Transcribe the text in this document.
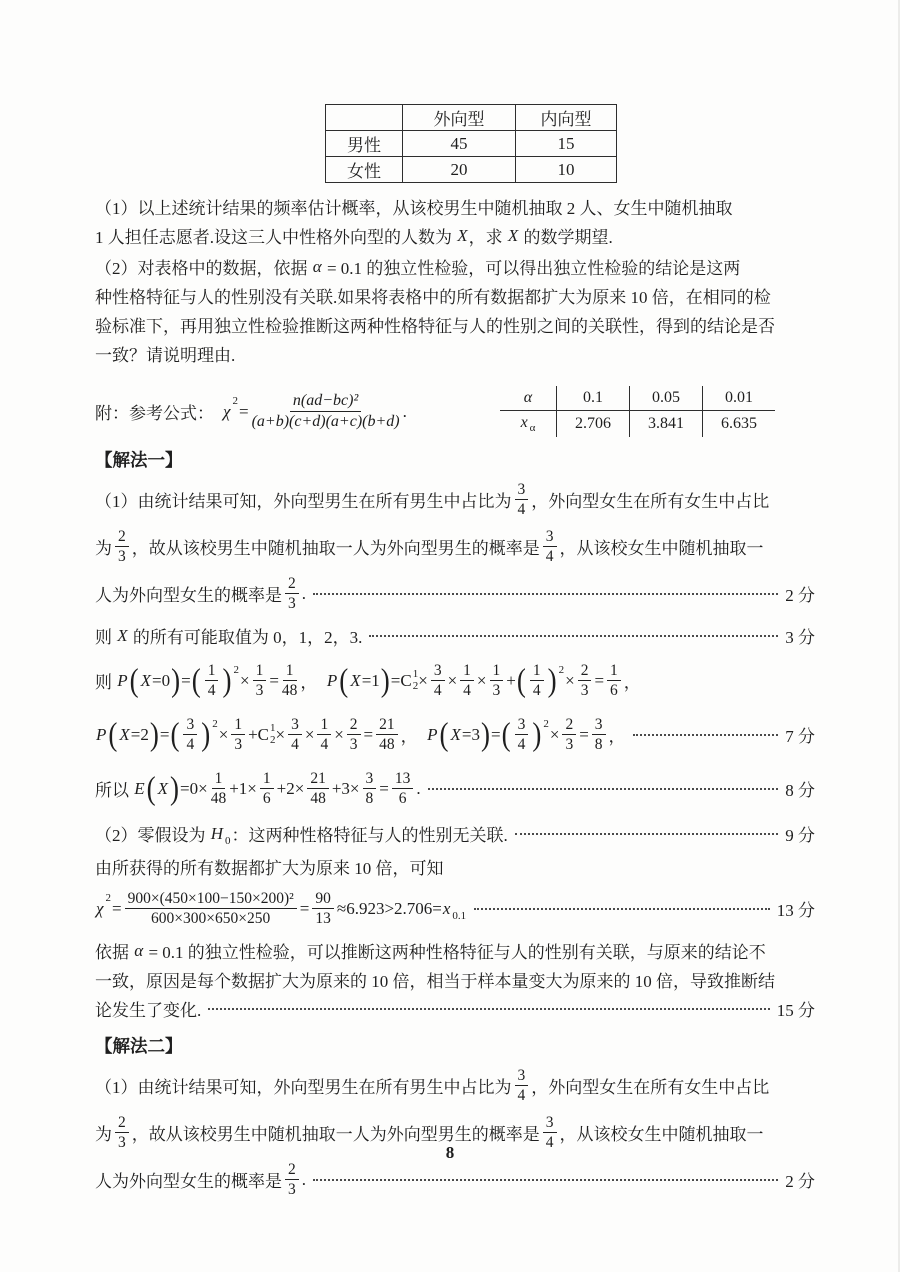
	外向型	内向型
男性	45	15
女性	20	10
（1）以上述统计结果的频率估计概率，从该校男生中随机抽取 2 人、女生中随机抽取
1 人担任志愿者.设这三人中性格外向型的人数为 X ，求 X 的数学期望.
（2）对表格中的数据，依据 α = 0.1 的独立性检验，可以得出独立性检验的结论是这两
种性格特征与人的性别没有关联.如果将表格中的所有数据都扩大为原来 10 倍，在相同的检
验标准下，再用独立性检验推断这两种性格特征与人的性别之间的关联性，得到的结论是否
一致？请说明理由.
附：参考公式： χ
$^2$
= $\frac{\text{n(ad−bc)²}}{(a+b)(c+d)(a+c)(b+d)}$ .
α	0.1	0.05	0.01
x $_\alpha$	2.706	3.841	6.635
【解法一】
（1）由统计结果可知，外向型男生在所有男生中占比为 $\frac{3}{4}$ ，外向型女生在所有女生中占比
为 $\frac{2}{3}$ ，故从该校男生中随机抽取一人为外向型男生的概率是 $\frac{3}{4}$ ，从该校女生中随机抽取一
人为外向型女生的概率是 $\frac{2}{3}$ .	2 分
则 X 的所有可能取值为 0，1，2，3.	3 分
则 P ( X =0 ) = ( $\frac{1}{4} )^2$
× $\frac{1}{3} = \frac{1}{48}$ ，　 P ( X =1 ) = C 1
$2 \times \frac{3}{4} \times \frac{1}{4} \times \frac{1}{3}$ + ( $\frac{1}{4} )^2$
× $\frac{2}{3} = \frac{1}{6}$ ，
P ( X =2 ) = ( $\frac{3}{4} )^2$
× $\frac{1}{3} + C$ 1
$2 \times \frac{3}{4} \times \frac{1}{4} \times \frac{2}{3} = \frac{21}{48}$ ，　 P ( X =3 ) = ( $\frac{3}{4} )^2$
× $\frac{2}{3} = \frac{3}{8}$ ，	7 分
所以 E ( X ) $=0\times \frac{1}{48} +1\times \frac{1}{6} +2\times \frac{21}{48} +3\times \frac{3}{8} = \frac{13}{6}$ .	8 分
（2）零假设为 $H_0$ ：这两种性格特征与人的性别无关联.	9 分
由所获得的所有数据都扩大为原来 10 倍，可知
χ
$^2$
= $\frac{\text{900×(450×100−150×200)²}}{600\times 300\times 650\times 250} = \frac{90}{13} \approx 6.923>2.706= x_{0.1}$	13 分
依据 α = 0.1 的独立性检验，可以推断这两种性格特征与人的性别有关联，与原来的结论不
一致，原因是每个数据扩大为原来的 10 倍，相当于样本量变大为原来的 10 倍，导致推断结
论发生了变化.	15 分
【解法二】
（1）由统计结果可知，外向型男生在所有男生中占比为 $\frac{3}{4}$ ，外向型女生在所有女生中占比
为 $\frac{2}{3}$ ，故从该校男生中随机抽取一人为外向型男生的概率是 $\frac{3}{4}$ ，从该校女生中随机抽取一
人为外向型女生的概率是 $\frac{2}{3}$ .	2 分
8
